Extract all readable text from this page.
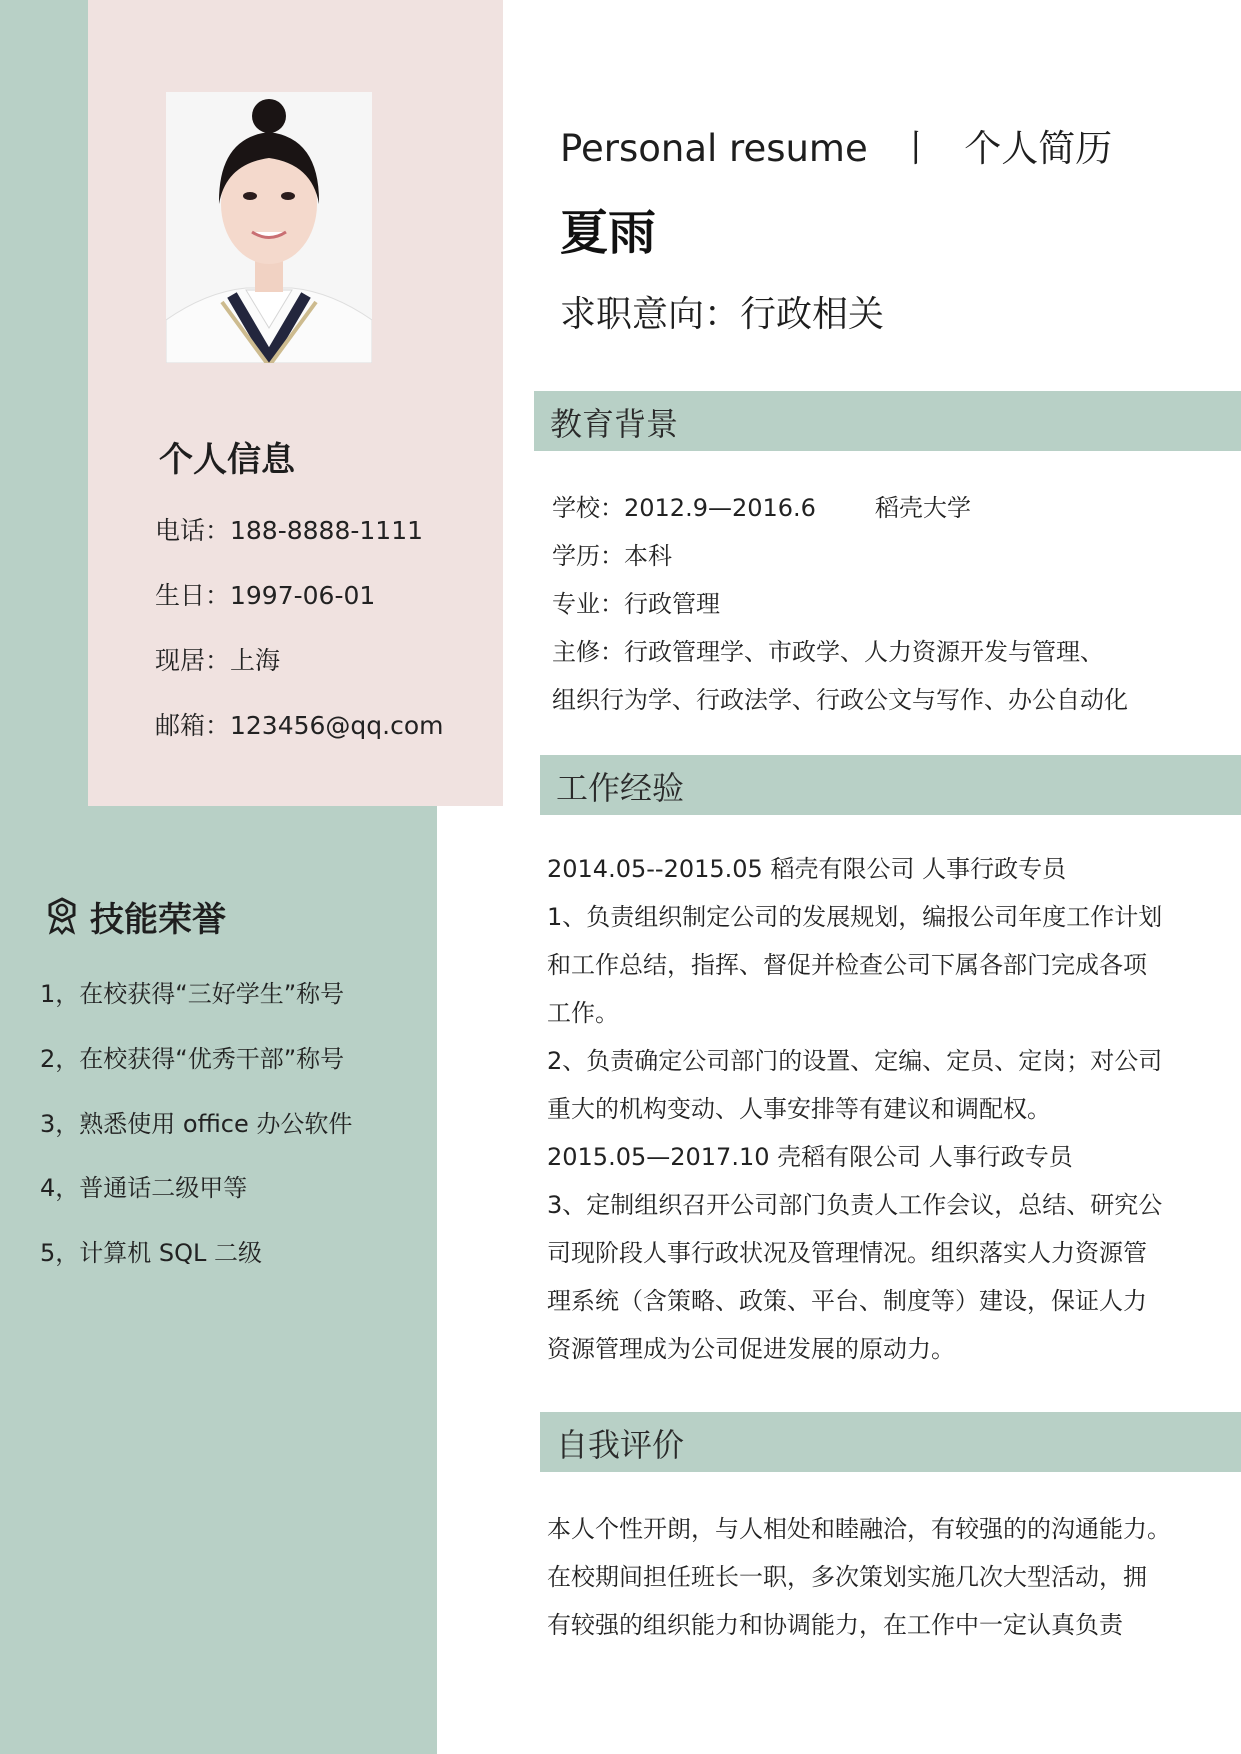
个人信息
电话：188-8888-1111
生日：1997-06-01
现居：上海
邮箱：123456@qq.com
技能荣誉
1，在校获得“三好学生”称号
2，在校获得“优秀干部”称号
3，熟悉使用 office 办公软件
4，普通话二级甲等
5，计算机 SQL 二级
Personal resume 丨 个人简历
夏雨
求职意向：行政相关
教育背景
学校：2012.9—2016.6 稻壳大学
学历：本科
专业：行政管理
主修：行政管理学、市政学、人力资源开发与管理、
组织行为学、行政法学、行政公文与写作、办公自动化
工作经验
2014.05--2015.05 稻壳有限公司 人事行政专员
1、负责组织制定公司的发展规划，编报公司年度工作计划
和工作总结，指挥、督促并检查公司下属各部门完成各项
工作。
2、负责确定公司部门的设置、定编、定员、定岗；对公司
重大的机构变动、人事安排等有建议和调配权。
2015.05—2017.10 壳稻有限公司 人事行政专员
3、定制组织召开公司部门负责人工作会议，总结、研究公
司现阶段人事行政状况及管理情况。组织落实人力资源管
理系统（含策略、政策、平台、制度等）建设，保证人力
资源管理成为公司促进发展的原动力。
自我评价
本人个性开朗，与人相处和睦融洽，有较强的的沟通能力。
在校期间担任班长一职，多次策划实施几次大型活动，拥
有较强的组织能力和协调能力，在工作中一定认真负责
